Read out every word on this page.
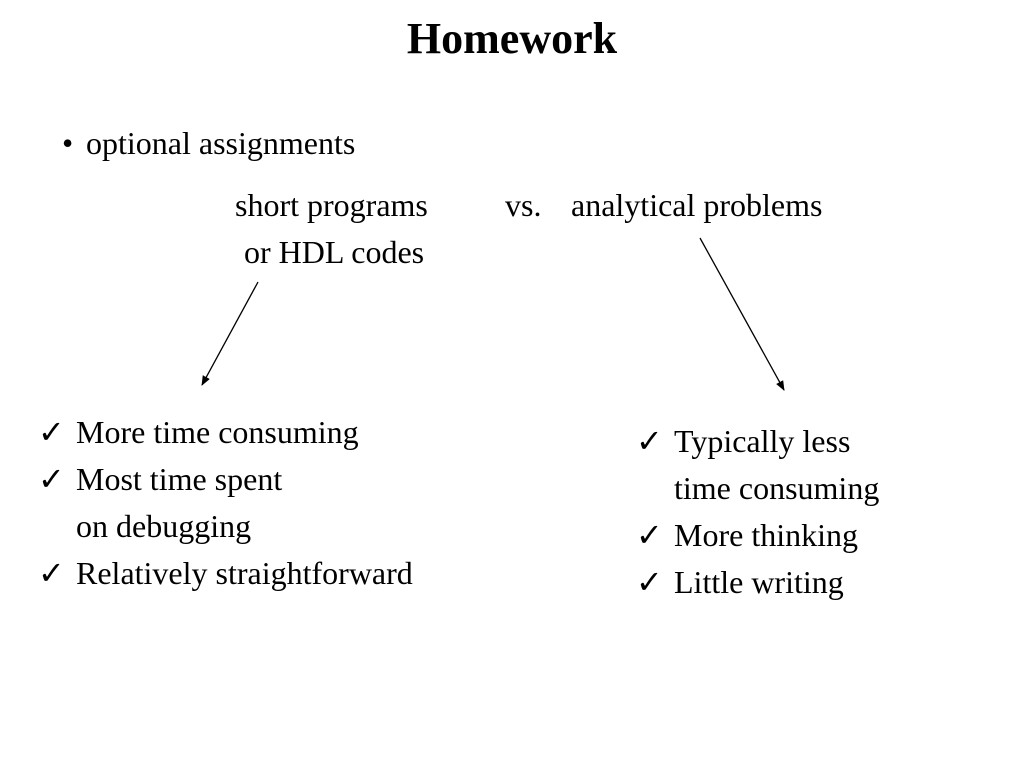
Homework
• optional assignments
short programs
or HDL codes
vs. analytical problems
✓ More time consuming
✓ Most time spent
on debugging
✓ Relatively straightforward
✓ Typically less
time consuming
✓ More thinking
✓ Little writing
